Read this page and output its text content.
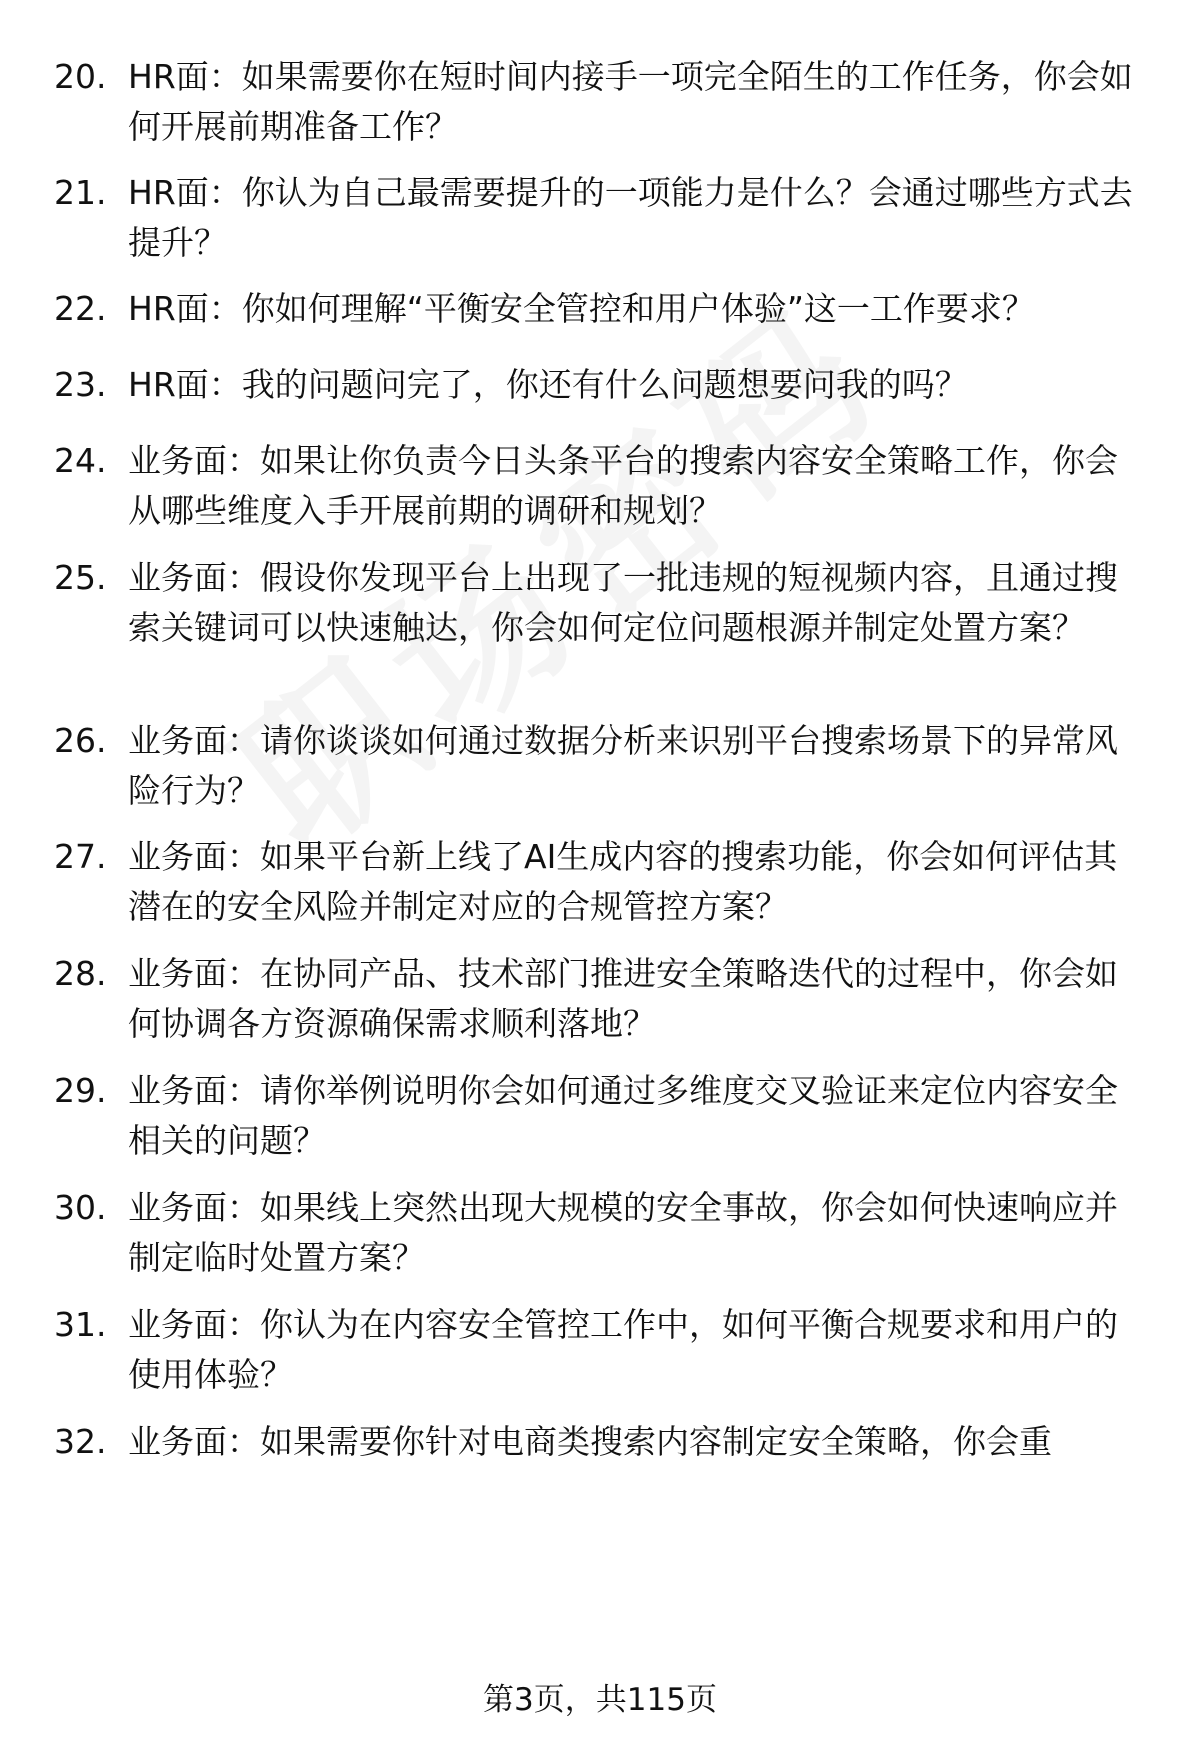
20. HR面：如果需要你在短时间内接手一项完全陌生的工作任务，你会如何开展前期准备工作？
21. HR面：你认为自己最需要提升的一项能力是什么？会通过哪些方式去提升？
22. HR面：你如何理解“平衡安全管控和用户体验”这一工作要求？
23. HR面：我的问题问完了，你还有什么问题想要问我的吗？
24. 业务面：如果让你负责今日头条平台的搜索内容安全策略工作，你会从哪些维度入手开展前期的调研和规划？
25. 业务面：假设你发现平台上出现了一批违规的短视频内容，且通过搜索关键词可以快速触达，你会如何定位问题根源并制定处置方案？
26. 业务面：请你谈谈如何通过数据分析来识别平台搜索场景下的异常风险行为？
27. 业务面：如果平台新上线了AI生成内容的搜索功能，你会如何评估其潜在的安全风险并制定对应的合规管控方案？
28. 业务面：在协同产品、技术部门推进安全策略迭代的过程中，你会如何协调各方资源确保需求顺利落地？
29. 业务面：请你举例说明你会如何通过多维度交叉验证来定位内容安全相关的问题？
30. 业务面：如果线上突然出现大规模的安全事故，你会如何快速响应并制定临时处置方案？
31. 业务面：你认为在内容安全管控工作中，如何平衡合规要求和用户的使用体验？
32. 业务面：如果需要你针对电商类搜索内容制定安全策略，你会重
第3页，共115页
